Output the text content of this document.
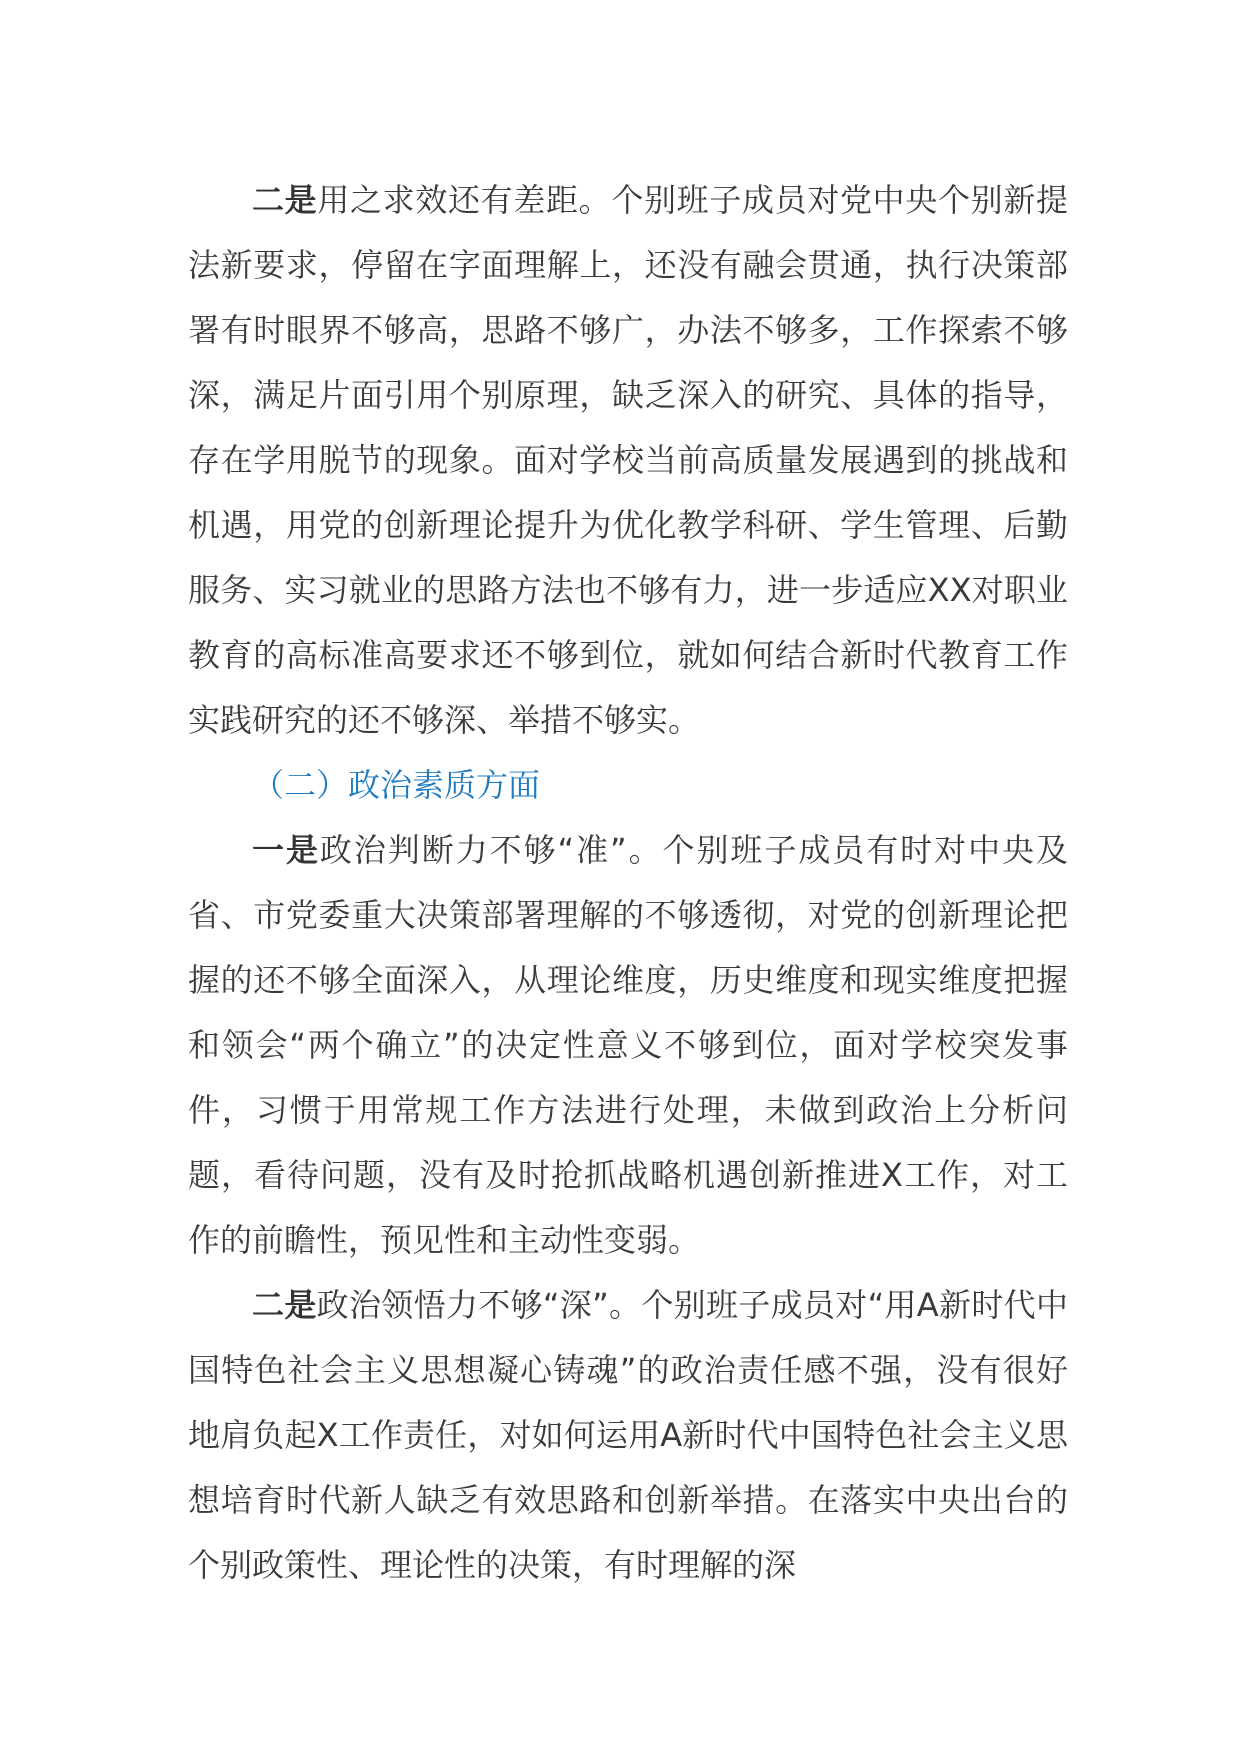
二是用之求效还有差距。个别班子成员对党中央个别新提法新要求，停留在字面理解上，还没有融会贯通，执行决策部署有时眼界不够高，思路不够广，办法不够多，工作探索不够深，满足片面引用个别原理，缺乏深入的研究、具体的指导，存在学用脱节的现象。面对学校当前高质量发展遇到的挑战和机遇，用党的创新理论提升为优化教学科研、学生管理、后勤服务、实习就业的思路方法也不够有力，进一步适应XX对职业教育的高标准高要求还不够到位，就如何结合新时代教育工作实践研究的还不够深、举措不够实。

（二）政治素质方面

一是政治判断力不够“准”。个别班子成员有时对中央及省、市党委重大决策部署理解的不够透彻，对党的创新理论把握的还不够全面深入，从理论维度，历史维度和现实维度把握和领会“两个确立”的决定性意义不够到位，面对学校突发事件，习惯于用常规工作方法进行处理，未做到政治上分析问题，看待问题，没有及时抢抓战略机遇创新推进X工作，对工作的前瞻性，预见性和主动性变弱。

二是政治领悟力不够“深”。个别班子成员对“用A新时代中国特色社会主义思想凝心铸魂”的政治责任感不强，没有很好地肩负起X工作责任，对如何运用A新时代中国特色社会主义思想培育时代新人缺乏有效思路和创新举措。在落实中央出台的个别政策性、理论性的决策，有时理解的深
